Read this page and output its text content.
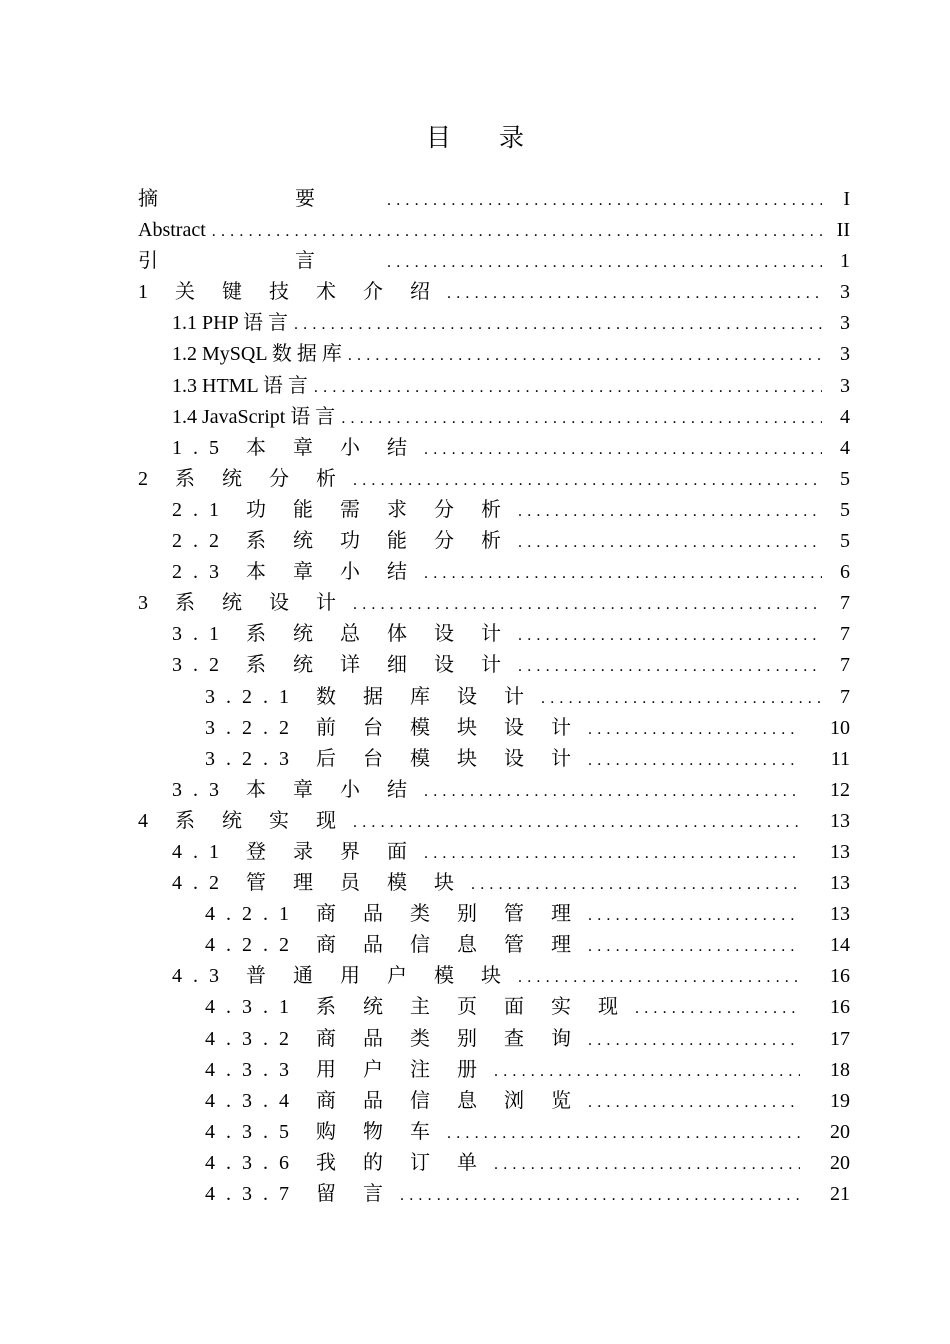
目 录
摘 要 . . .	I
Abstract . . .	II
引 言 . . .	1
1 关 键 技 术 介 绍 . . .	3
1.1 PHP 语 言 . . .	3
1.2 MySQL 数 据 库 . . .	3
1.3 HTML 语 言 . . .	3
1.4 JavaScript 语 言 . . .	4
1.5 本 章 小 结 . . .	4
2 系 统 分 析 . . .	5
2.1 功 能 需 求 分 析 . . .	5
2.2 系 统 功 能 分 析 . . .	5
2.3 本 章 小 结 . . .	6
3 系 统 设 计 . . .	7
3.1 系 统 总 体 设 计 . . .	7
3.2 系 统 详 细 设 计 . . .	7
3.2.1 数 据 库 设 计 . . .	7
3.2.2 前 台 模 块 设 计 . . .	10
3.2.3 后 台 模 块 设 计 . . .	11
3.3 本 章 小 结 . . .	12
4 系 统 实 现 . . .	13
4.1 登 录 界 面 . . .	13
4.2 管 理 员 模 块 . . .	13
4.2.1 商 品 类 别 管 理 . . .	13
4.2.2 商 品 信 息 管 理 . . .	14
4.3 普 通 用 户 模 块 . . .	16
4.3.1 系 统 主 页 面 实 现 . . .	16
4.3.2 商 品 类 别 查 询 . . .	17
4.3.3 用 户 注 册 . . .	18
4.3.4 商 品 信 息 浏 览 . . .	19
4.3.5 购 物 车 . . .	20
4.3.6 我 的 订 单 . . .	20
4.3.7 留 言 . . .	21
